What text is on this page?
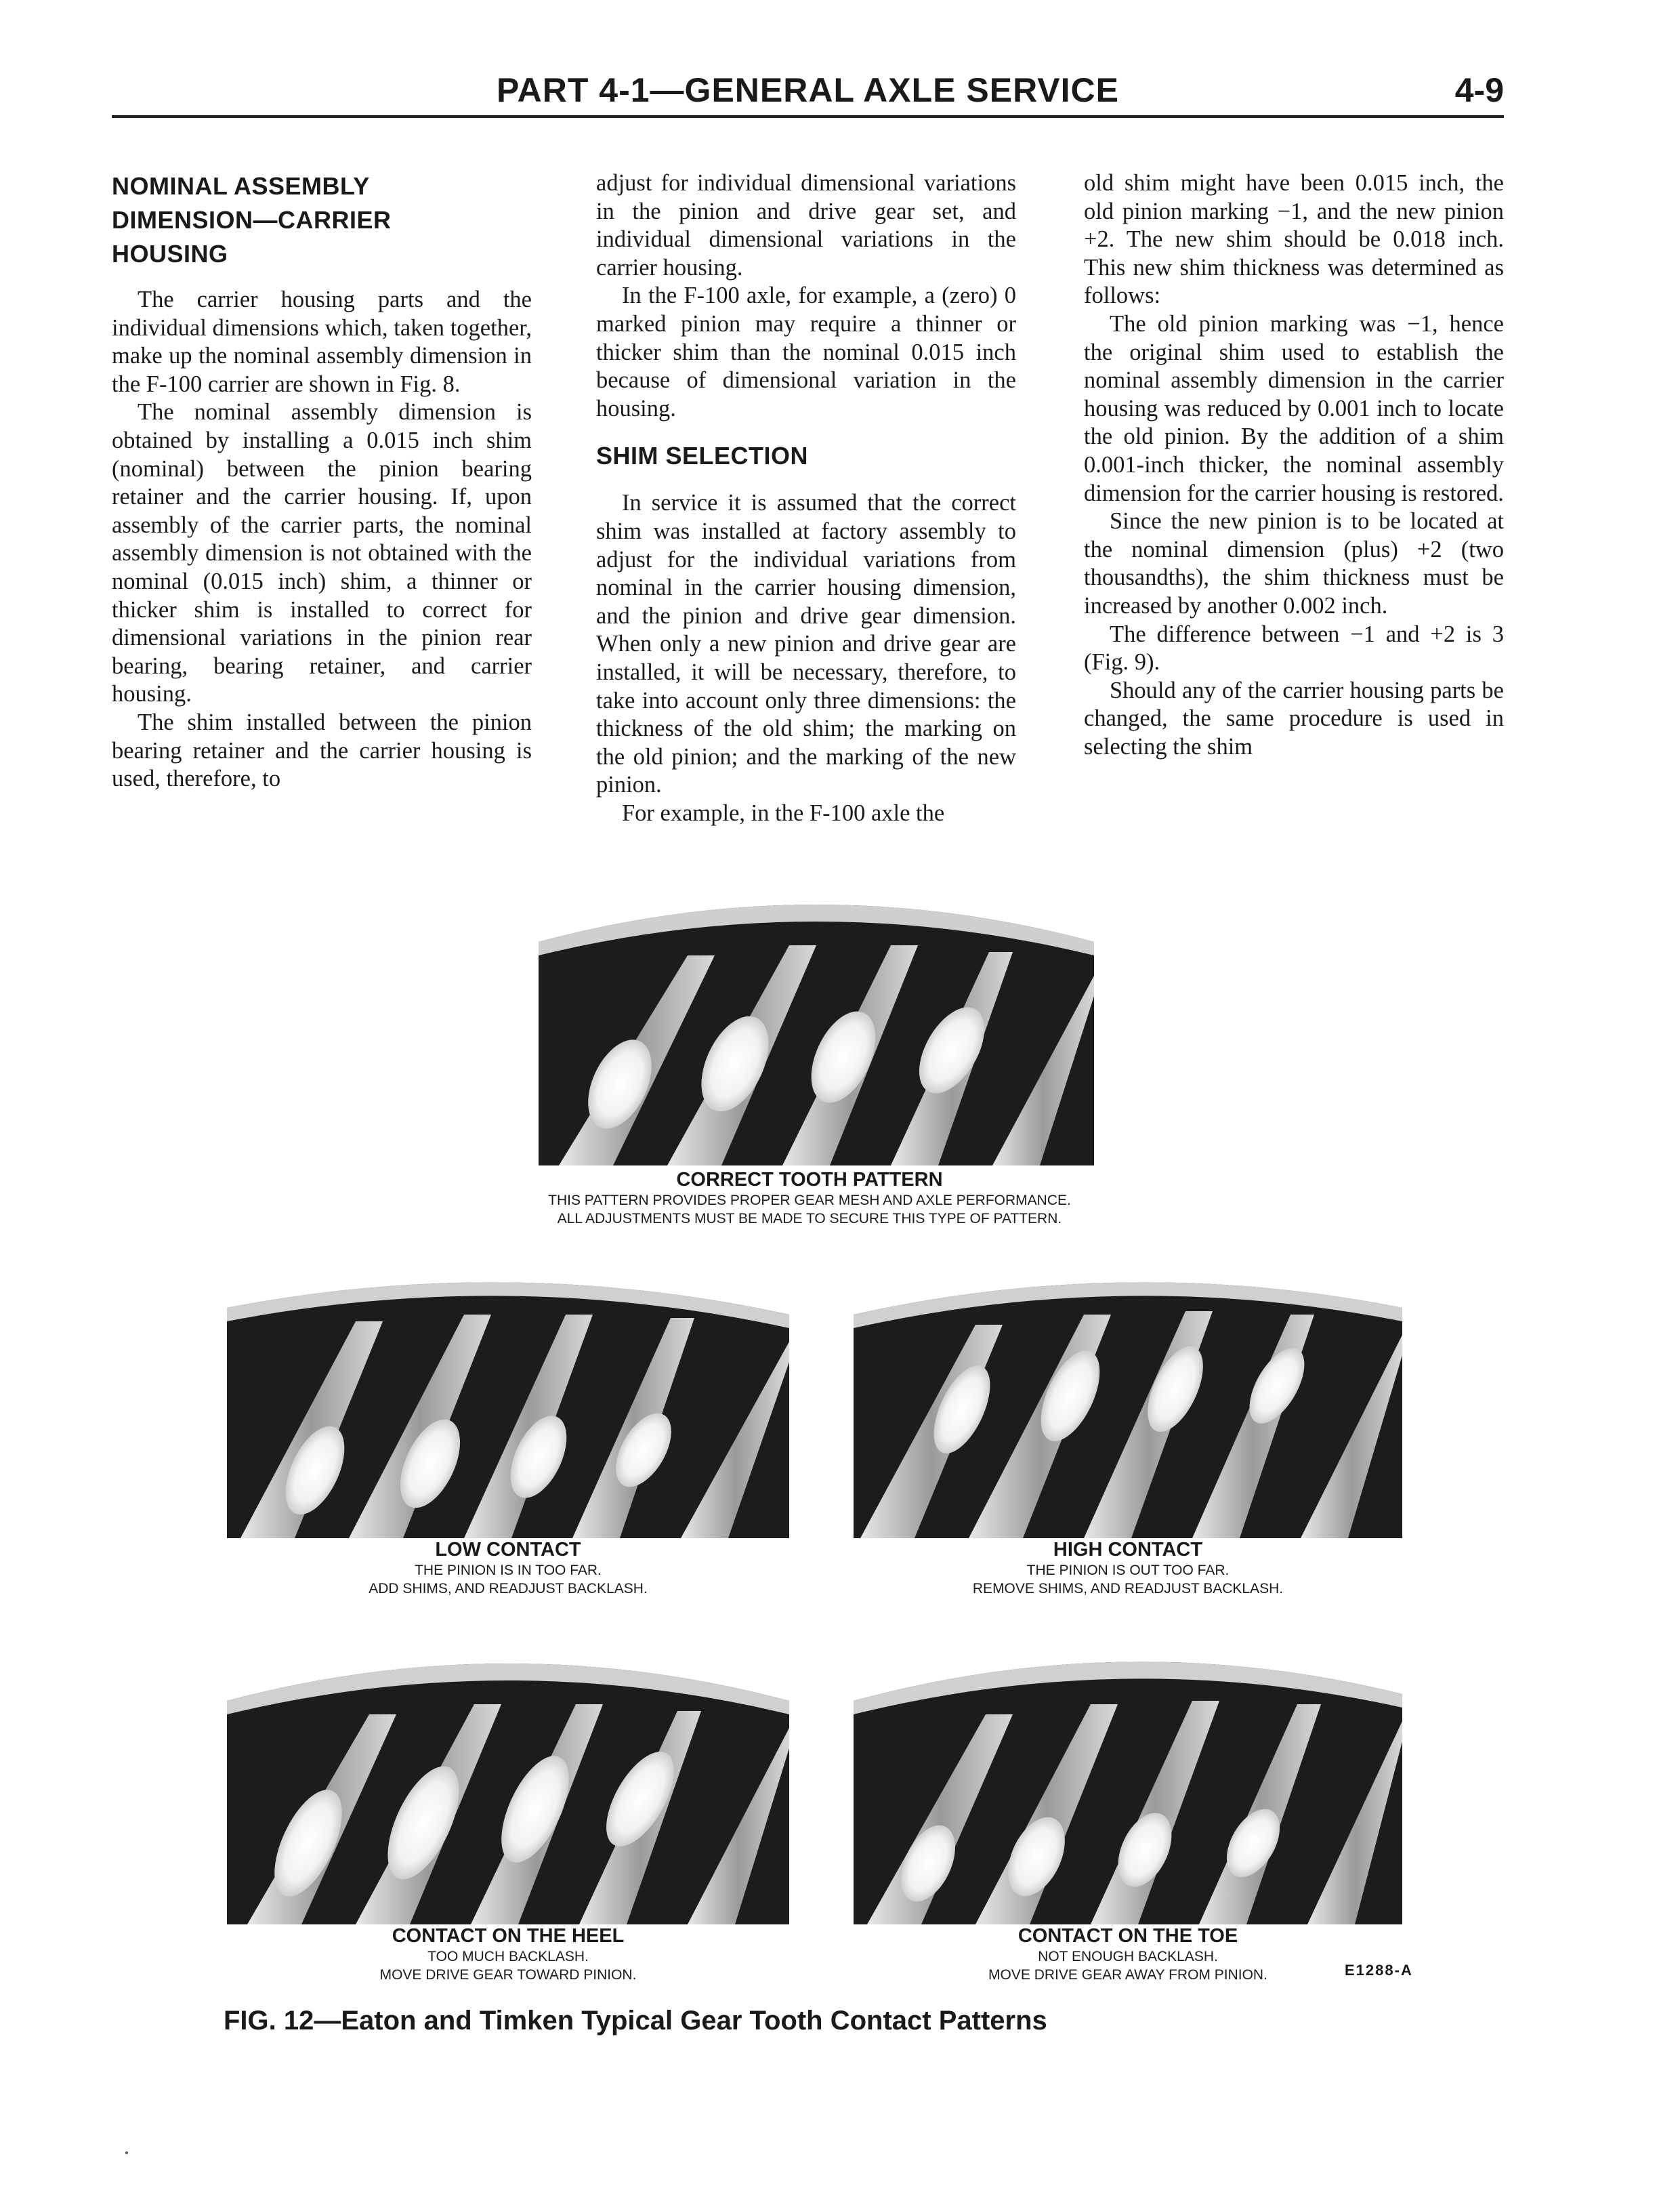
PART 4-1—GENERAL AXLE SERVICE	4-9
NOMINAL ASSEMBLY
DIMENSION—CARRIER
HOUSING

The carrier housing parts and the individual dimensions which, taken together, make up the nominal assembly dimension in the F-100 carrier are shown in Fig. 8.

The nominal assembly dimension is obtained by installing a 0.015 inch shim (nominal) between the pinion bearing retainer and the carrier housing. If, upon assembly of the carrier parts, the nominal assembly dimension is not obtained with the nominal (0.015 inch) shim, a thinner or thicker shim is installed to correct for dimensional variations in the pinion rear bearing, bearing retainer, and carrier housing.

The shim installed between the pinion bearing retainer and the carrier housing is used, therefore, to

adjust for individual dimensional variations in the pinion and drive gear set, and individual dimensional variations in the carrier housing.

In the F-100 axle, for example, a (zero) 0 marked pinion may require a thinner or thicker shim than the nominal 0.015 inch because of dimensional variation in the housing.

SHIM SELECTION

In service it is assumed that the correct shim was installed at factory assembly to adjust for the individual variations from nominal in the carrier housing dimension, and the pinion and drive gear dimension. When only a new pinion and drive gear are installed, it will be necessary, therefore, to take into account only three dimensions: the thickness of the old shim; the marking on the old pinion; and the marking of the new pinion.

For example, in the F-100 axle the

old shim might have been 0.015 inch, the old pinion marking −1, and the new pinion +2. The new shim should be 0.018 inch. This new shim thickness was determined as follows:

The old pinion marking was −1, hence the original shim used to establish the nominal assembly dimension in the carrier housing was reduced by 0.001 inch to locate the old pinion. By the addition of a shim 0.001-inch thicker, the nominal assembly dimension for the carrier housing is restored.

Since the new pinion is to be located at the nominal dimension (plus) +2 (two thousandths), the shim thickness must be increased by another 0.002 inch.

The difference between −1 and +2 is 3 (Fig. 9).

Should any of the carrier housing parts be changed, the same procedure is used in selecting the shim

CORRECT TOOTH PATTERN
THIS PATTERN PROVIDES PROPER GEAR MESH AND AXLE PERFORMANCE.
ALL ADJUSTMENTS MUST BE MADE TO SECURE THIS TYPE OF PATTERN.
LOW CONTACT
THE PINION IS IN TOO FAR.
ADD SHIMS, AND READJUST BACKLASH.
HIGH CONTACT
THE PINION IS OUT TOO FAR.
REMOVE SHIMS, AND READJUST BACKLASH.
CONTACT ON THE HEEL
TOO MUCH BACKLASH.
MOVE DRIVE GEAR TOWARD PINION.
CONTACT ON THE TOE
NOT ENOUGH BACKLASH.
MOVE DRIVE GEAR AWAY FROM PINION.	E1288-A
FIG. 12—Eaton and Timken Typical Gear Tooth Contact Patterns
